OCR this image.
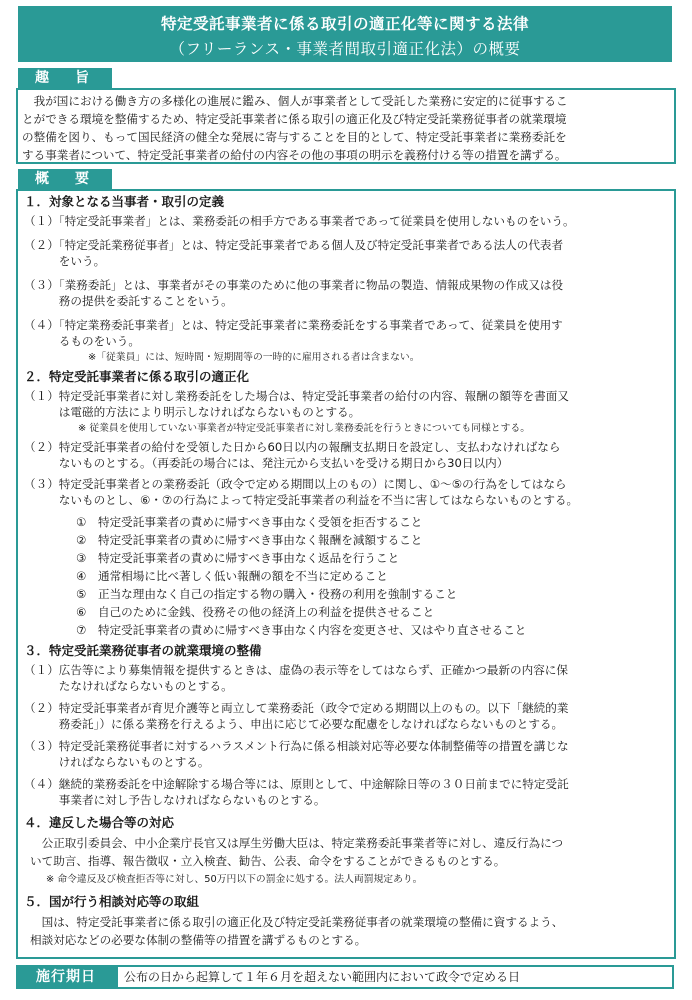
特定受託事業者に係る取引の適正化等に関する法律
（フリーランス・事業者間取引適正化法）の概要
趣　旨
　我が国における働き方の多様化の進展に鑑み、個人が事業者として受託した業務に安定的に従事するこ
とができる環境を整備するため、特定受託事業者に係る取引の適正化及び特定受託業務従事者の就業環境
の整備を図り、もって国民経済の健全な発展に寄与することを目的として、特定受託事業者に業務委託を
する事業者について、特定受託事業者の給付の内容その他の事項の明示を義務付ける等の措置を講ずる。
概　要
１．対象となる当事者・取引の定義
（１）「特定受託事業者」とは、業務委託の相手方である事業者であって従業員を使用しないものをいう。
（２）「特定受託業務従事者」とは、特定受託事業者である個人及び特定受託事業者である法人の代表者
　　　をいう。
（３）「業務委託」とは、事業者がその事業のために他の事業者に物品の製造、情報成果物の作成又は役
　　　務の提供を委託することをいう。
（４）「特定業務委託事業者」とは、特定受託事業者に業務委託をする事業者であって、従業員を使用す
　　　るものをいう。
※「従業員」には、短時間・短期間等の一時的に雇用される者は含まない。
２．特定受託事業者に係る取引の適正化
（１）特定受託事業者に対し業務委託をした場合は、特定受託事業者の給付の内容、報酬の額等を書面又
　　　は電磁的方法により明示しなければならないものとする。
※ 従業員を使用していない事業者が特定受託事業者に対し業務委託を行うときについても同様とする。
（２）特定受託事業者の給付を受領した日から60日以内の報酬支払期日を設定し、支払わなければなら
　　　ないものとする。（再委託の場合には、発注元から支払いを受ける期日から30日以内）
（３）特定受託事業者との業務委託（政令で定める期間以上のもの）に関し、①～⑤の行為をしてはなら
　　　ないものとし、⑥・⑦の行為によって特定受託事業者の利益を不当に害してはならないものとする。
①　特定受託事業者の責めに帰すべき事由なく受領を拒否すること
②　特定受託事業者の責めに帰すべき事由なく報酬を減額すること
③　特定受託事業者の責めに帰すべき事由なく返品を行うこと
④　通常相場に比べ著しく低い報酬の額を不当に定めること
⑤　正当な理由なく自己の指定する物の購入・役務の利用を強制すること
⑥　自己のために金銭、役務その他の経済上の利益を提供させること
⑦　特定受託事業者の責めに帰すべき事由なく内容を変更させ、又はやり直させること
３．特定受託業務従事者の就業環境の整備
（１）広告等により募集情報を提供するときは、虚偽の表示等をしてはならず、正確かつ最新の内容に保
　　　たなければならないものとする。
（２）特定受託事業者が育児介護等と両立して業務委託（政令で定める期間以上のもの。以下「継続的業
　　　務委託」）に係る業務を行えるよう、申出に応じて必要な配慮をしなければならないものとする。
（３）特定受託業務従事者に対するハラスメント行為に係る相談対応等必要な体制整備等の措置を講じな
　　　ければならないものとする。
（４）継続的業務委託を中途解除する場合等には、原則として、中途解除日等の３０日前までに特定受託
　　　事業者に対し予告しなければならないものとする。
４．違反した場合等の対応
　公正取引委員会、中小企業庁長官又は厚生労働大臣は、特定業務委託事業者等に対し、違反行為につ
いて助言、指導、報告徴収・立入検査、勧告、公表、命令をすることができるものとする。
※ 命令違反及び検査拒否等に対し、50万円以下の罰金に処する。法人両罰規定あり。
５．国が行う相談対応等の取組
　国は、特定受託事業者に係る取引の適正化及び特定受託業務従事者の就業環境の整備に資するよう、
相談対応などの必要な体制の整備等の措置を講ずるものとする。
施行期日	公布の日から起算して１年６月を超えない範囲内において政令で定める日
